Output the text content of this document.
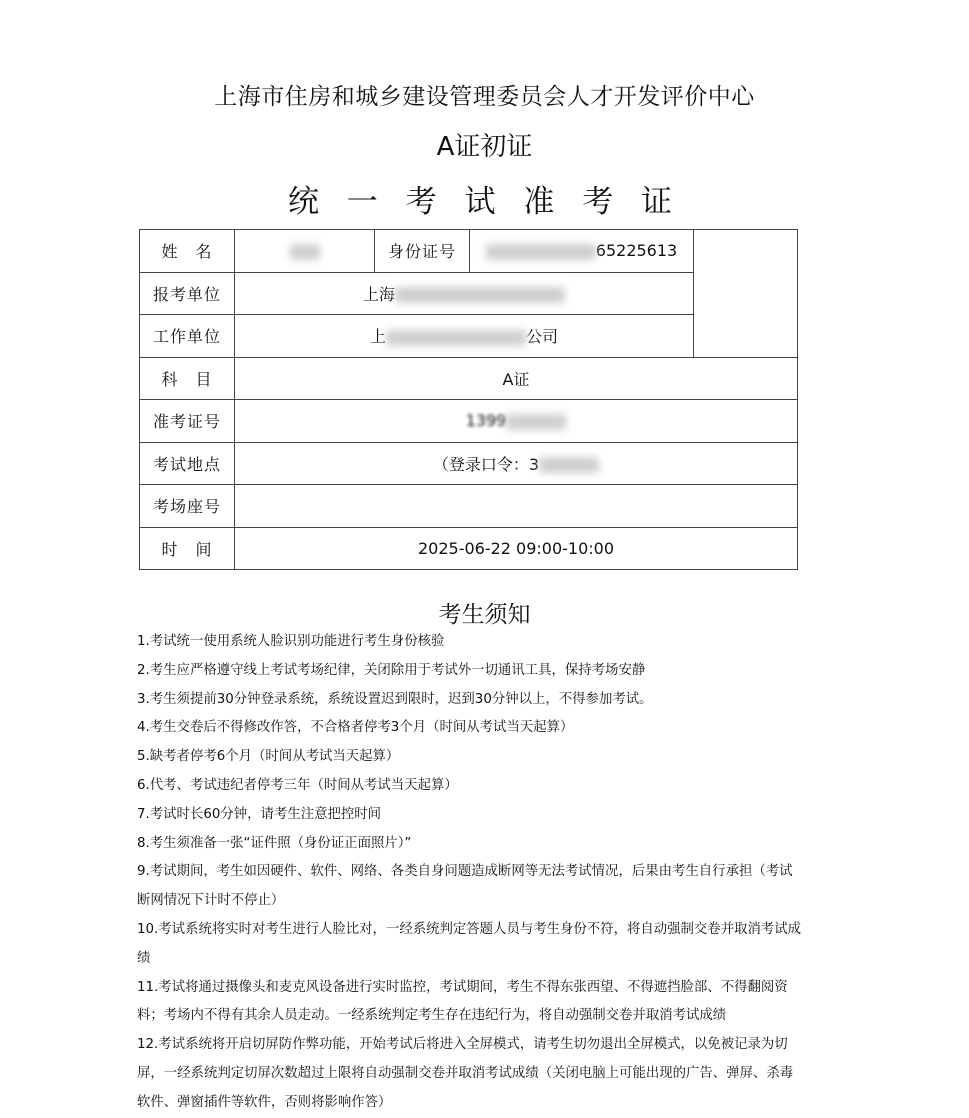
上海市住房和城乡建设管理委员会人才开发评价中心
A证初证
统 一 考 试 准 考 证
姓　名		身份证号	65225613	
报考单位	上海			
工作单位	上 公司			
科　目	A证			
准考证号	1399			
考试地点	（登录口令：3			
考场座号				
时　间	2025-06-22 09:00-10:00			
考生须知
1.考试统一使用系统人脸识别功能进行考生身份核验
2.考生应严格遵守线上考试考场纪律，关闭除用于考试外一切通讯工具，保持考场安静
3.考生须提前30分钟登录系统，系统设置迟到限时，迟到30分钟以上，不得参加考试。
4.考生交卷后不得修改作答，不合格者停考3个月（时间从考试当天起算）
5.缺考者停考6个月（时间从考试当天起算）
6.代考、考试违纪者停考三年（时间从考试当天起算）
7.考试时长60分钟，请考生注意把控时间
8.考生须准备一张“证件照（身份证正面照片）”
9.考试期间，考生如因硬件、软件、网络、各类自身问题造成断网等无法考试情况，后果由考生自行承担（考试断网情况下计时不停止）
10.考试系统将实时对考生进行人脸比对，一经系统判定答题人员与考生身份不符，将自动强制交卷并取消考试成绩
11.考试将通过摄像头和麦克风设备进行实时监控，考试期间，考生不得东张西望、不得遮挡脸部、不得翻阅资料；考场内不得有其余人员走动。一经系统判定考生存在违纪行为，将自动强制交卷并取消考试成绩
12.考试系统将开启切屏防作弊功能，开始考试后将进入全屏模式，请考生切勿退出全屏模式，以免被记录为切屏，一经系统判定切屏次数超过上限将自动强制交卷并取消考试成绩（关闭电脑上可能出现的广告、弹屏、杀毒软件、弹窗插件等软件，否则将影响作答）
